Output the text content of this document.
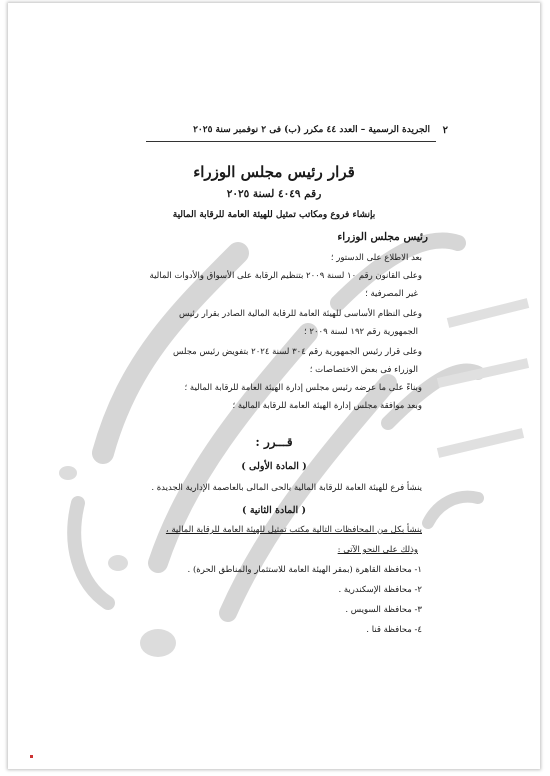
٢
الجريدة الرسمية – العدد ٤٤ مكرر (ب) فى ٢ نوفمبر سنة ٢٠٢٥
قرار رئيس مجلس الوزراء
رقم ٤٠٤٩ لسنة ٢٠٢٥
بإنشاء فروع ومكاتب تمثيل للهيئة العامة للرقابة المالية
رئيس مجلس الوزراء
بعد الاطلاع على الدستور ؛
وعلى القانون رقم ١٠ لسنة ٢٠٠٩ بتنظيم الرقابة على الأسواق والأدوات المالية
غير المصرفية ؛
وعلى النظام الأساسى للهيئة العامة للرقابة المالية الصادر بقرار رئيس
الجمهورية رقم ١٩٢ لسنة ٢٠٠٩ ؛
وعلى قرار رئيس الجمهورية رقم ٣٠٤ لسنة ٢٠٢٤ بتفويض رئيس مجلس
الوزراء فى بعض الاختصاصات ؛
وبناءً على ما عرضه رئيس مجلس إدارة الهيئة العامة للرقابة المالية ؛
وبعد موافقة مجلس إدارة الهيئة العامة للرقابة المالية ؛
قـــرر :
( المادة الأولى )
ينشأ فرع للهيئة العامة للرقابة المالية بالحى المالى بالعاصمة الإدارية الجديدة .
( المادة الثانية )
ينشأ بكل من المحافظات التالية مكتب تمثيل للهيئة العامة للرقابة المالية ،
وذلك على النحو الآتى :
١- محافظة القاهرة (بمقر الهيئة العامة للاستثمار والمناطق الحرة) .
٢- محافظة الإسكندرية .
٣- محافظة السويس .
٤- محافظة قنا .
